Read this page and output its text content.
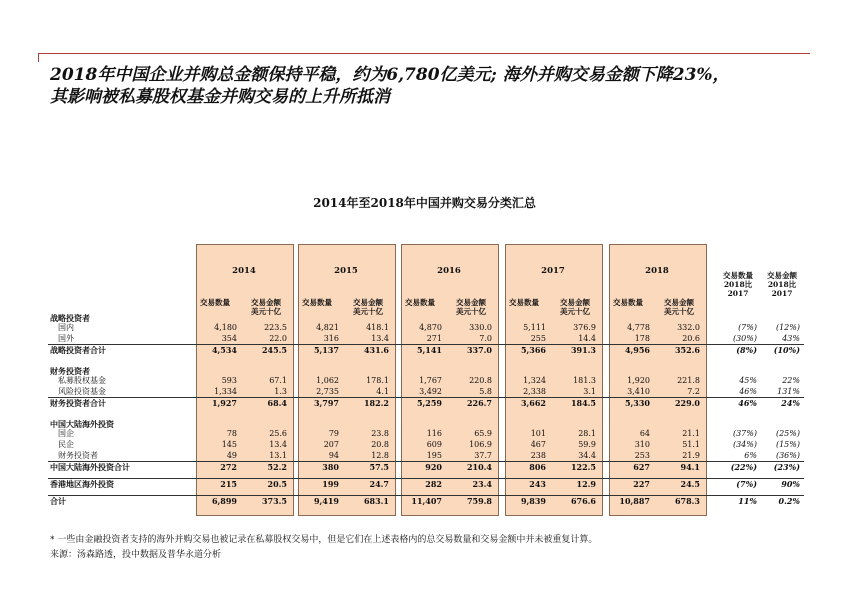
2018年中国企业并购总金额保持平稳，约为6,780亿美元; 海外并购交易金额下降23%，
其影响被私募股权基金并购交易的上升所抵消
2014年至2018年中国并购交易分类汇总
2014
交易数量	交易金额
美元十亿
2015
交易数量	交易金额
美元十亿
2016
交易数量	交易金额
美元十亿
2017
交易数量	交易金额
美元十亿
2018
交易数量	交易金额
美元十亿
交易数量 2018比 2017
交易金额 2018比 2017
战略投资者
国内	4,180	223.5	4,821	418.1	4,870	330.0	5,111	376.9	4,778	332.0	(7%)	(12%)
国外	354	22.0	316	13.4	271	7.0	255	14.4	178	20.6	(30%)	43%
战略投资者合计	4,534	245.5	5,137	431.6	5,141	337.0	5,366	391.3	4,956	352.6	(8%)	(10%)
财务投资者
私募股权基金	593	67.1	1,062	178.1	1,767	220.8	1,324	181.3	1,920	221.8	45%	22%
风险投资基金	1,334	1.3	2,735	4.1	3,492	5.8	2,338	3.1	3,410	7.2	46%	131%
财务投资者合计	1,927	68.4	3,797	182.2	5,259	226.7	3,662	184.5	5,330	229.0	46%	24%
中国大陆海外投资
国企	78	25.6	79	23.8	116	65.9	101	28.1	64	21.1	(37%)	(25%)
民企	145	13.4	207	20.8	609	106.9	467	59.9	310	51.1	(34%)	(15%)
财务投资者	49	13.1	94	12.8	195	37.7	238	34.4	253	21.9	6%	(36%)
中国大陆海外投资合计	272	52.2	380	57.5	920	210.4	806	122.5	627	94.1	(22%)	(23%)
香港地区海外投资	215	20.5	199	24.7	282	23.4	243	12.9	227	24.5	(7%)	90%
合计	6,899	373.5	9,419	683.1	11,407	759.8	9,839	676.6	10,887	678.3	11%	0.2%
* 一些由金融投资者支持的海外并购交易也被记录在私募股权交易中，但是它们在上述表格内的总交易数量和交易金额中并未被重复计算。
来源：汤森路透，投中数据及普华永道分析
